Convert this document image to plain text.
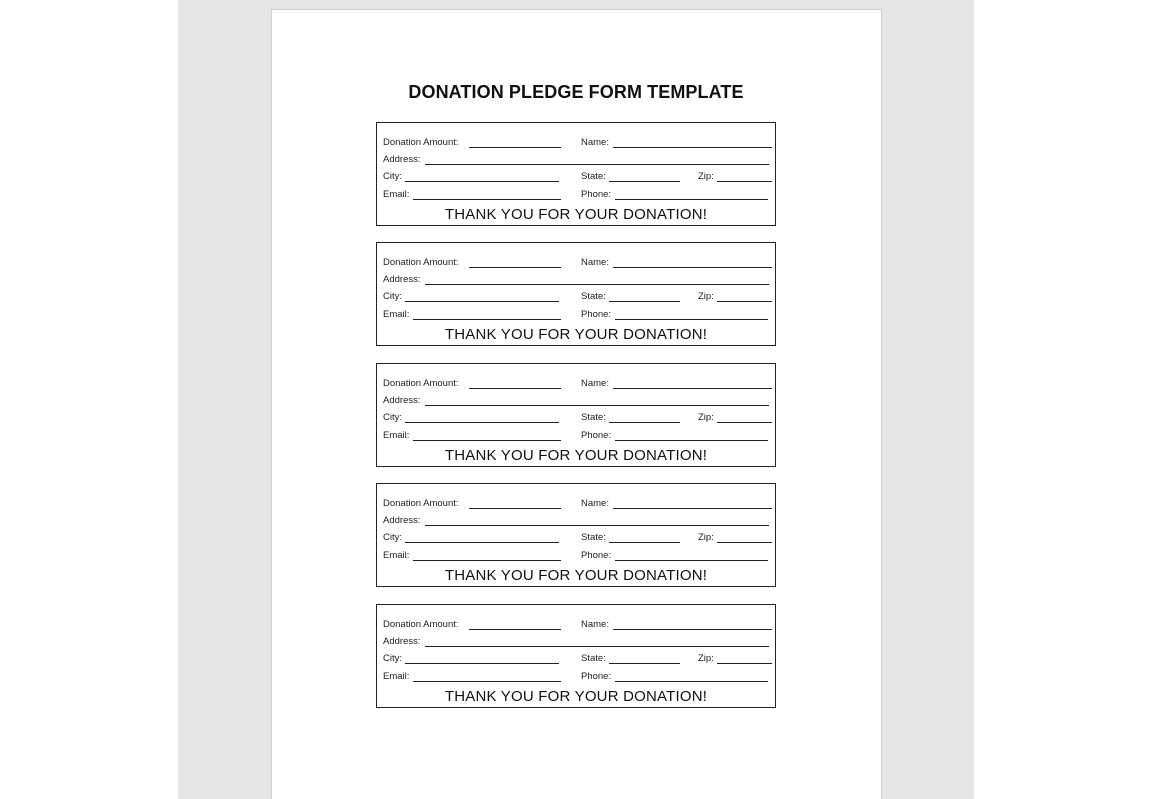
DONATION PLEDGE FORM TEMPLATE
Donation Amount:	Name:
Address:
City:	State:	Zip:
Email:	Phone:
THANK YOU FOR YOUR DONATION!
Donation Amount:	Name:
Address:
City:	State:	Zip:
Email:	Phone:
THANK YOU FOR YOUR DONATION!
Donation Amount:	Name:
Address:
City:	State:	Zip:
Email:	Phone:
THANK YOU FOR YOUR DONATION!
Donation Amount:	Name:
Address:
City:	State:	Zip:
Email:	Phone:
THANK YOU FOR YOUR DONATION!
Donation Amount:	Name:
Address:
City:	State:	Zip:
Email:	Phone:
THANK YOU FOR YOUR DONATION!
